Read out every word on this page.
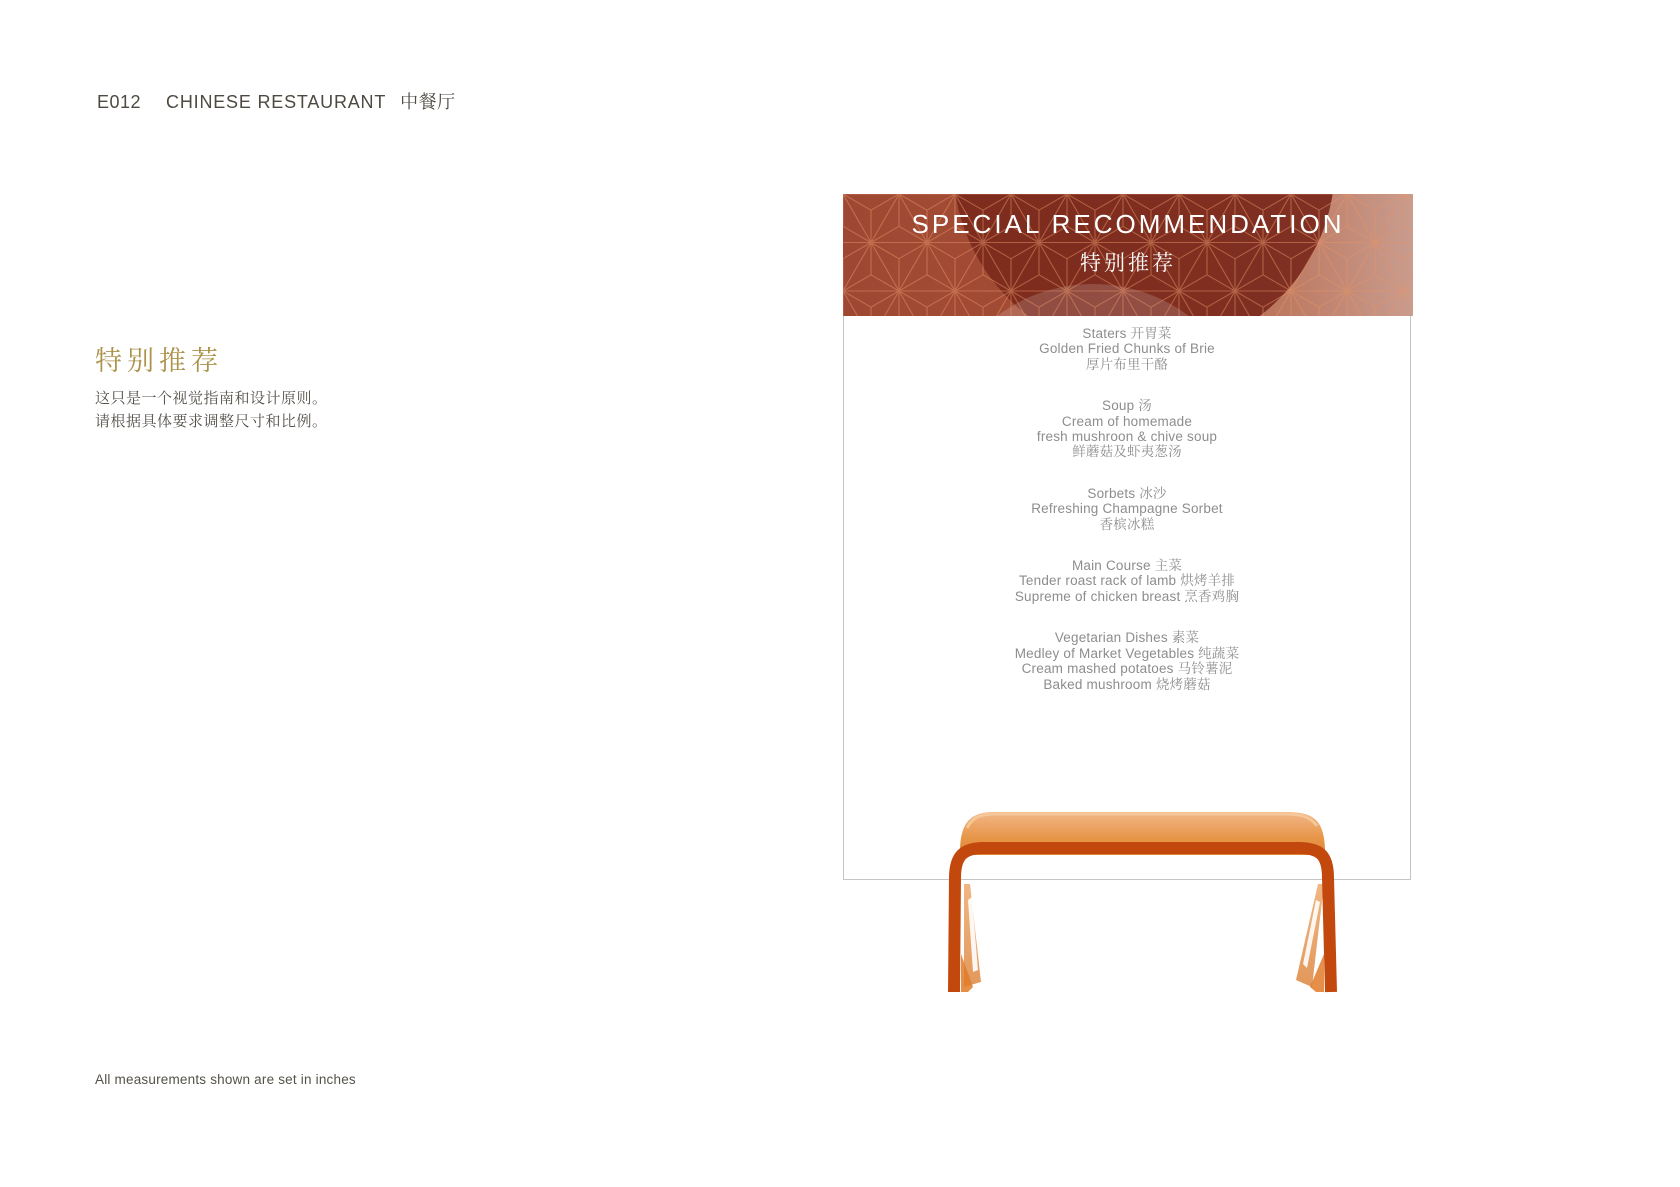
E012 CHINESE RESTAURANT 中餐厅
特别推荐

这只是一个视觉指南和设计原则。
请根据具体要求调整尺寸和比例。

All measurements shown are set in inches
SPECIAL RECOMMENDATION
特别推荐
Staters 开胃菜
Golden Fried Chunks of Brie
厚片布里干酪
Soup 汤
Cream of homemade
fresh mushroon & chive soup
鲜蘑菇及虾夷葱汤
Sorbets 冰沙
Refreshing Champagne Sorbet
香槟冰糕
Main Course 主菜
Tender roast rack of lamb 烘烤羊排
Supreme of chicken breast 烹香鸡胸
Vegetarian Dishes 素菜
Medley of Market Vegetables 纯蔬菜
Cream mashed potatoes 马铃薯泥
Baked mushroom 烧烤蘑菇
